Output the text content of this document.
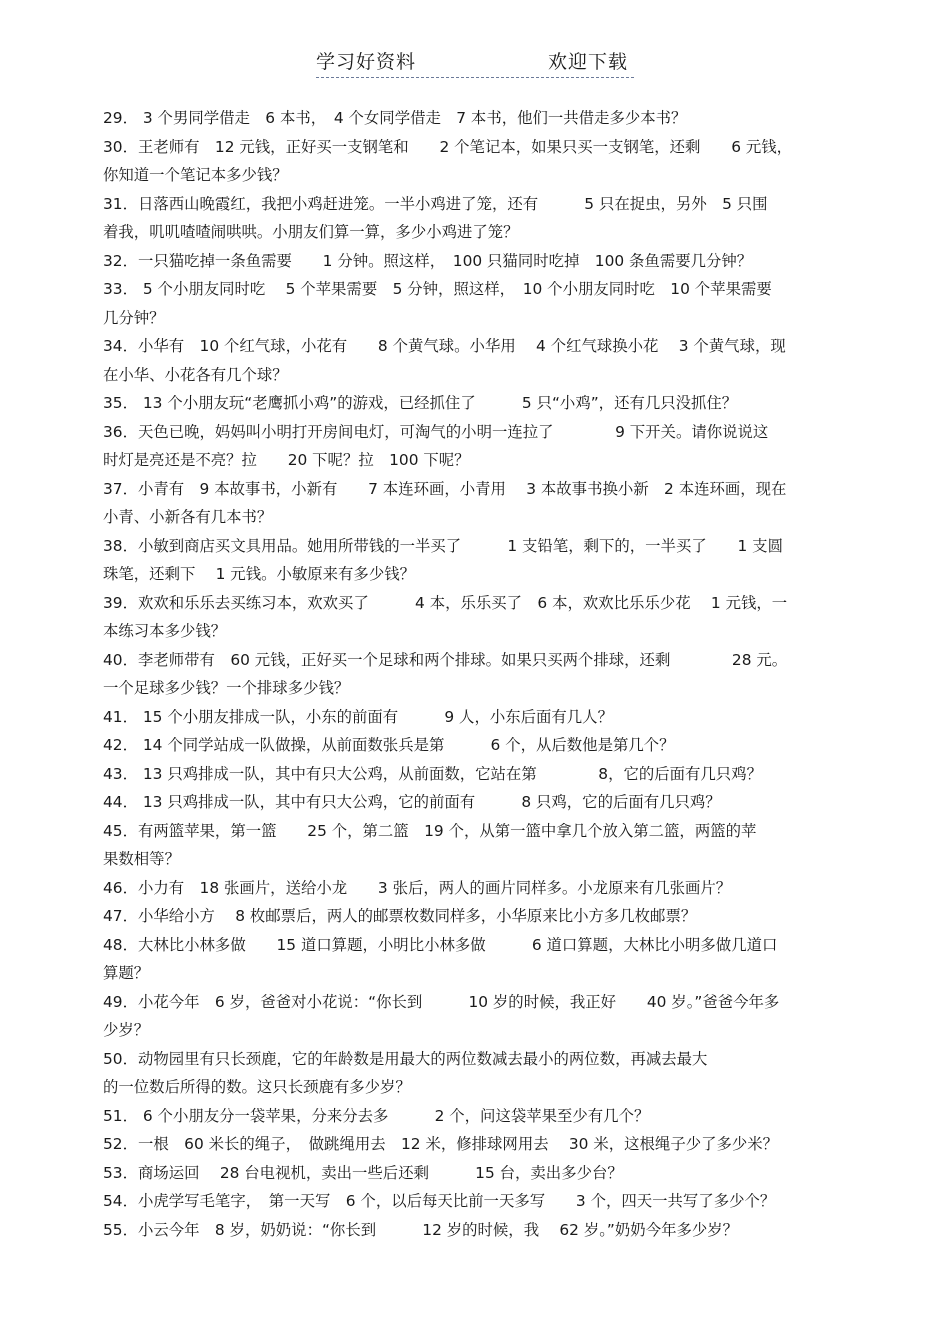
学习好资料	欢迎下载
29． 3 个男同学借走　6 本书，　4 个女同学借走　7 本书，他们一共借走多少本书？
30．王老师有　12 元钱，正好买一支钢笔和　　2 个笔记本，如果只买一支钢笔，还剩　　6 元钱，
你知道一个笔记本多少钱？
31．日落西山晚霞红，我把小鸡赶进笼。一半小鸡进了笼，还有　　　5 只在捉虫，另外　5 只围
着我，叽叽喳喳闹哄哄。小朋友们算一算，多少小鸡进了笼？
32．一只猫吃掉一条鱼需要　　1 分钟。照这样，　100 只猫同时吃掉　100 条鱼需要几分钟？
33． 5 个小朋友同时吃　 5 个苹果需要　5 分钟，照这样，　10 个小朋友同时吃　10 个苹果需要
几分钟？
34．小华有　10 个红气球，小花有　　8 个黄气球。小华用　 4 个红气球换小花　 3 个黄气球，现
在小华、小花各有几个球？
35． 13 个小朋友玩“老鹰抓小鸡”的游戏，已经抓住了　　　5 只“小鸡”，还有几只没抓住？
36．天色已晚，妈妈叫小明打开房间电灯，可淘气的小明一连拉了　　　　9 下开关。请你说说这
时灯是亮还是不亮？拉　　20 下呢？拉　100 下呢？
37．小青有　9 本故事书，小新有　　7 本连环画，小青用　 3 本故事书换小新　2 本连环画，现在
小青、小新各有几本书？
38．小敏到商店买文具用品。她用所带钱的一半买了　　　1 支铅笔，剩下的，一半买了　　1 支圆
珠笔，还剩下　 1 元钱。小敏原来有多少钱？
39．欢欢和乐乐去买练习本，欢欢买了　　　4 本，乐乐买了　6 本，欢欢比乐乐少花　 1 元钱，一
本练习本多少钱？
40．李老师带有　60 元钱，正好买一个足球和两个排球。如果只买两个排球，还剩　　　　28 元。
一个足球多少钱？一个排球多少钱？
41． 15 个小朋友排成一队，小东的前面有　　　9 人，小东后面有几人？
42． 14 个同学站成一队做操，从前面数张兵是第　　　6 个，从后数他是第几个？
43． 13 只鸡排成一队，其中有只大公鸡，从前面数，它站在第　　　　8，它的后面有几只鸡？
44． 13 只鸡排成一队，其中有只大公鸡，它的前面有　　　8 只鸡，它的后面有几只鸡？
45．有两篮苹果，第一篮　　25 个，第二篮　19 个，从第一篮中拿几个放入第二篮，两篮的苹
果数相等？
46．小力有　18 张画片，送给小龙　　3 张后，两人的画片同样多。小龙原来有几张画片？
47．小华给小方　 8 枚邮票后，两人的邮票枚数同样多，小华原来比小方多几枚邮票？
48．大林比小林多做　　15 道口算题，小明比小林多做　　　6 道口算题，大林比小明多做几道口
算题？
49．小花今年　6 岁，爸爸对小花说：“你长到　　　10 岁的时候，我正好　　40 岁。”爸爸今年多
少岁？
50．动物园里有只长颈鹿，它的年龄数是用最大的两位数减去最小的两位数，再减去最大
的一位数后所得的数。这只长颈鹿有多少岁？
51． 6 个小朋友分一袋苹果，分来分去多　　　2 个，问这袋苹果至少有几个？
52．一根　60 米长的绳子，　做跳绳用去　12 米，修排球网用去　 30 米，这根绳子少了多少米？
53．商场运回　 28 台电视机，卖出一些后还剩　　　15 台，卖出多少台？
54．小虎学写毛笔字，　第一天写　6 个，以后每天比前一天多写　　3 个，四天一共写了多少个？
55．小云今年　8 岁，奶奶说：“你长到　　　12 岁的时候，我　 62 岁。”奶奶今年多少岁？
